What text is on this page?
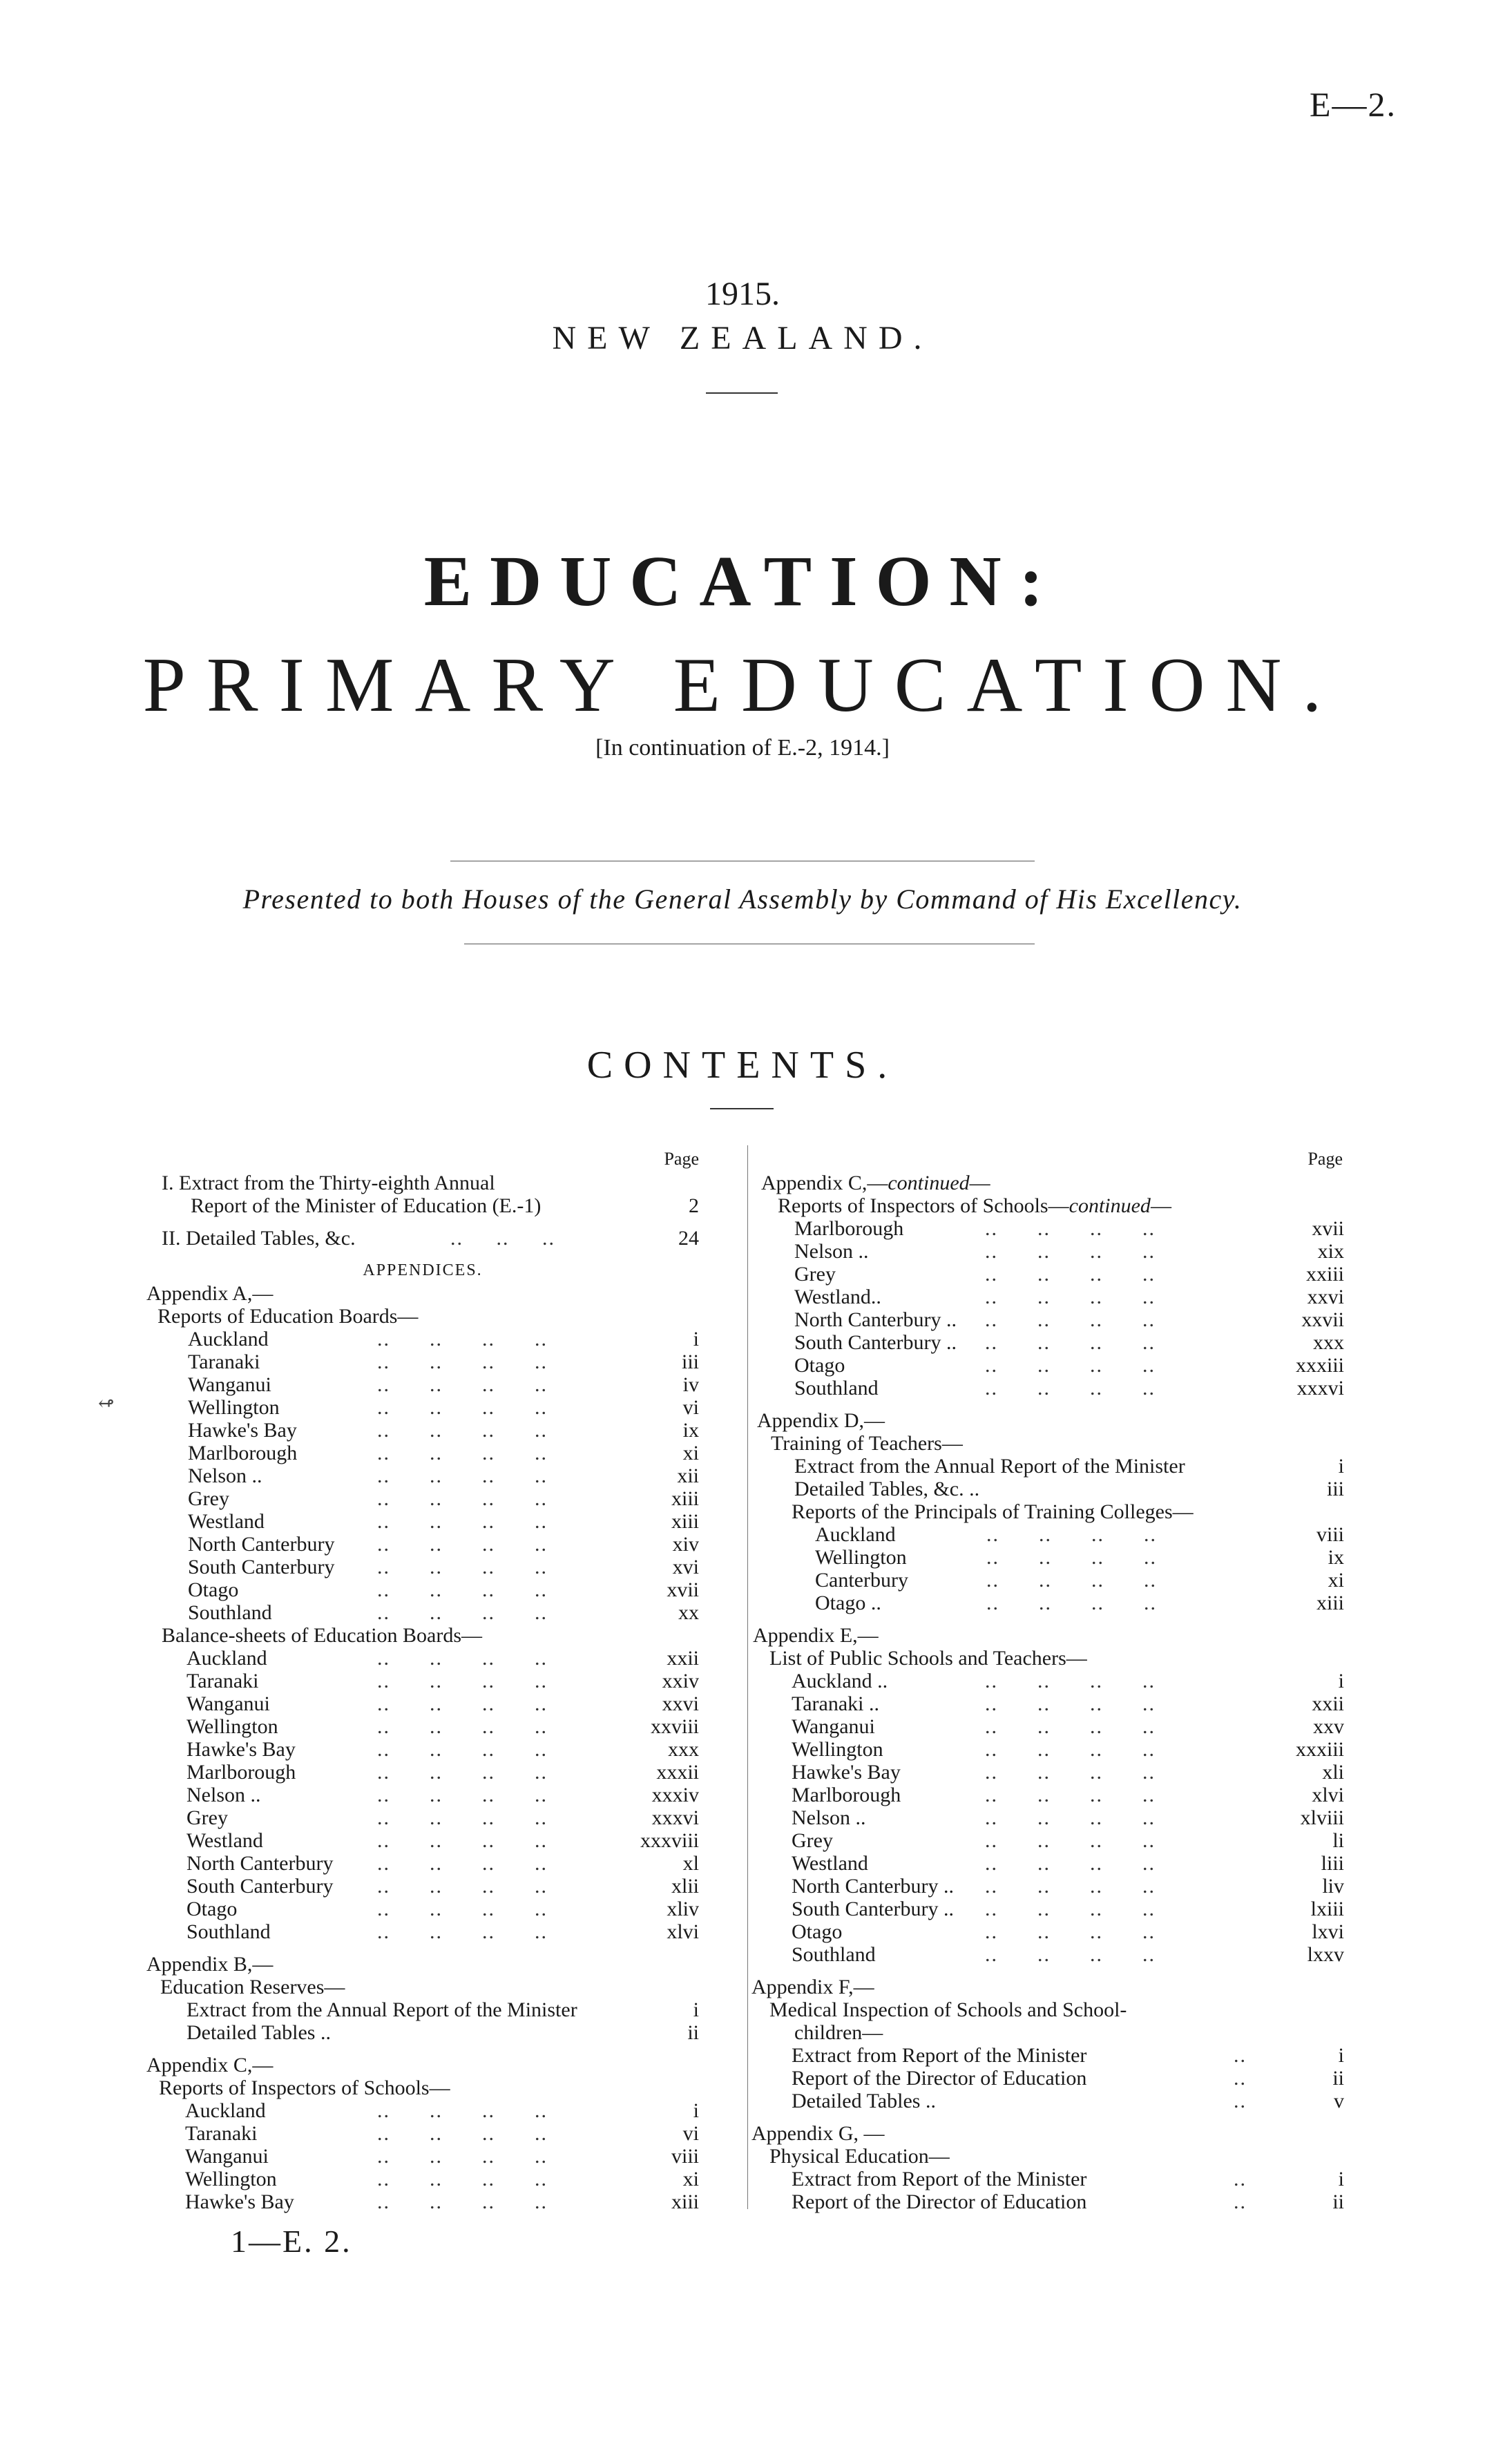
E—2.
1915.
NEW ZEALAND.
EDUCATION:
PRIMARY EDUCATION.
[In continuation of E.-2, 1914.]
Presented to both Houses of the General Assembly by Command of His Excellency.
CONTENTS.
Page
I. Extract from the Thirty-eighth Annual
Report of the Minister of Education (E.-1)	2
II. Detailed Tables, &c.	..     ..     ..	24
APPENDICES.
Appendix A,—
Reports of Education Boards—
Auckland	..      ..      ..      ..	i
Taranaki	..      ..      ..      ..	iii
Wanganui	..      ..      ..      ..	iv
Wellington	..      ..      ..      ..	vi
Hawke's Bay	..      ..      ..      ..	ix
Marlborough	..      ..      ..      ..	xi
Nelson ..	..      ..      ..      ..	xii
Grey	..      ..      ..      ..	xiii
Westland	..      ..      ..      ..	xiii
North Canterbury ..      ..      ..      ..	xiv
South Canterbury ..      ..      ..      ..	xvi
Otago	..      ..      ..      ..	xvii
Southland	..      ..      ..      ..	xx
Balance-sheets of Education Boards—
Auckland	..      ..      ..      ..	xxii
Taranaki	..      ..      ..      ..	xxiv
Wanganui	..      ..      ..      ..	xxvi
Wellington	..      ..      ..      ..	xxviii
Hawke's Bay	..      ..      ..      ..	xxx
Marlborough	..      ..      ..      ..	xxxii
Nelson ..	..      ..      ..      ..	xxxiv
Grey	..      ..      ..      ..	xxxvi
Westland	..      ..      ..      ..	xxxviii
North Canterbury ..      ..      ..      ..	xl
South Canterbury ..      ..      ..      ..	xlii
Otago	..      ..      ..      ..	xliv
Southland	..      ..      ..      ..	xlvi
Appendix B,—
Education Reserves—
Extract from the Annual Report of the Minister	i
Detailed Tables ..	ii
Appendix C,—
Reports of Inspectors of Schools—
Auckland	..      ..      ..      ..	i
Taranaki	..      ..      ..      ..	vi
Wanganui	..      ..      ..      ..	viii
Wellington	..      ..      ..      ..	xi
Hawke's Bay	..      ..      ..      ..	xiii
Page
Appendix C,—continued—
Reports of Inspectors of Schools—continued—
Marlborough	..      ..      ..      ..	xvii
Nelson ..	..      ..      ..      ..	xix
Grey	..      ..      ..      ..	xxiii
Westland..	..      ..      ..      ..	xxvi
North Canterbury .. ..      ..      ..      ..	xxvii
South Canterbury .. ..      ..      ..      ..	xxx
Otago	..      ..      ..      ..	xxxiii
Southland	..      ..      ..      ..	xxxvi
Appendix D,—
Training of Teachers—
Extract from the Annual Report of the Minister	i
Detailed Tables, &c. ..	iii
Reports of the Principals of Training Colleges—
Auckland	..      ..      ..      ..	viii
Wellington	..      ..      ..      ..	ix
Canterbury	..      ..      ..      ..	xi
Otago ..	..      ..      ..      ..	xiii
Appendix E,—
List of Public Schools and Teachers—
Auckland ..	..      ..      ..      ..	i
Taranaki ..	..      ..      ..      ..	xxii
Wanganui	..      ..      ..      ..	xxv
Wellington	..      ..      ..      ..	xxxiii
Hawke's Bay	..      ..      ..      ..	xli
Marlborough	..      ..      ..      ..	xlvi
Nelson ..	..      ..      ..      ..	xlviii
Grey	..      ..      ..      ..	li
Westland	..      ..      ..      ..	liii
North Canterbury .. ..      ..      ..      ..	liv
South Canterbury .. ..      ..      ..      ..	lxiii
Otago	..      ..      ..      ..	lxvi
Southland	..      ..      ..      ..	lxxv
Appendix F,—
Medical Inspection of Schools and School-
children—
Extract from Report of the Minister	..	i
Report of the Director of Education	..	ii
Detailed Tables ..	..	v
Appendix G, —
Physical Education—
Extract from Report of the Minister	..	i
Report of the Director of Education	..	ii
1—E. 2.
↫
